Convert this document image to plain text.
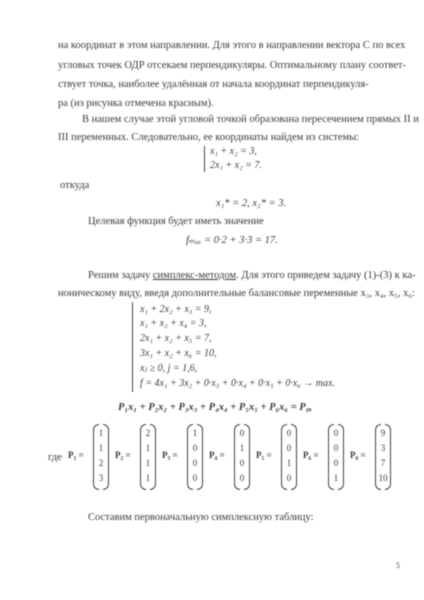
на координат в этом направлении. Для этого в направлении вектора С по всех
угловых точек ОДР отсекаем перпендикуляры. Оптимальному плану соответ-
ствует точка, наиболее удалённая от начала координат перпендикуля-
ра (из рисунка отмечена красным).
В нашем случае этой угловой точкой образована пересечением прямых II и
III переменных. Следовательно, ее координаты найдем из системы:
x₁ + x₂ = 3,
2x₁ + x₂ = 7.
откуда
x₁* = 2, x₂* = 3.
Целевая функция будет иметь значение
fₘₐₓ = 0·2 + 3·3 = 17.
Решим задачу симплекс-методом. Для этого приведем задачу (1)-(3) к ка-
ноническому виду, введя дополнительные балансовые переменные x₃, x₄, x₅, x₆:
x₁ + 2x₂ + x₃ = 9,
x₁ + x₂ + x₄ = 3,
2x₁ + x₂ + x₅ = 7,
3x₁ + x₂ + x₆ = 10,
xⱼ ≥ 0, j = 1,6,
f = 4x₁ + 3x₂ + 0·x₃ + 0·x₄ + 0·x₅ + 0·x₆ → max.
P₁x₁ + P₂x₂ + P₃x₃ + P₄x₄ + P₅x₅ + P₆x₆ = P₀,
где P₁ =
1
1
2
3
P₂ =
2
1
1
1
P₃ =
1
0
0
0
P₄ =
0
1
0
0
P₅ =
0
0
1
0
P₆ =
0
0
0
1
P₀ =
9
3
7
10
Составим первоначальную симплексную таблицу:
5
